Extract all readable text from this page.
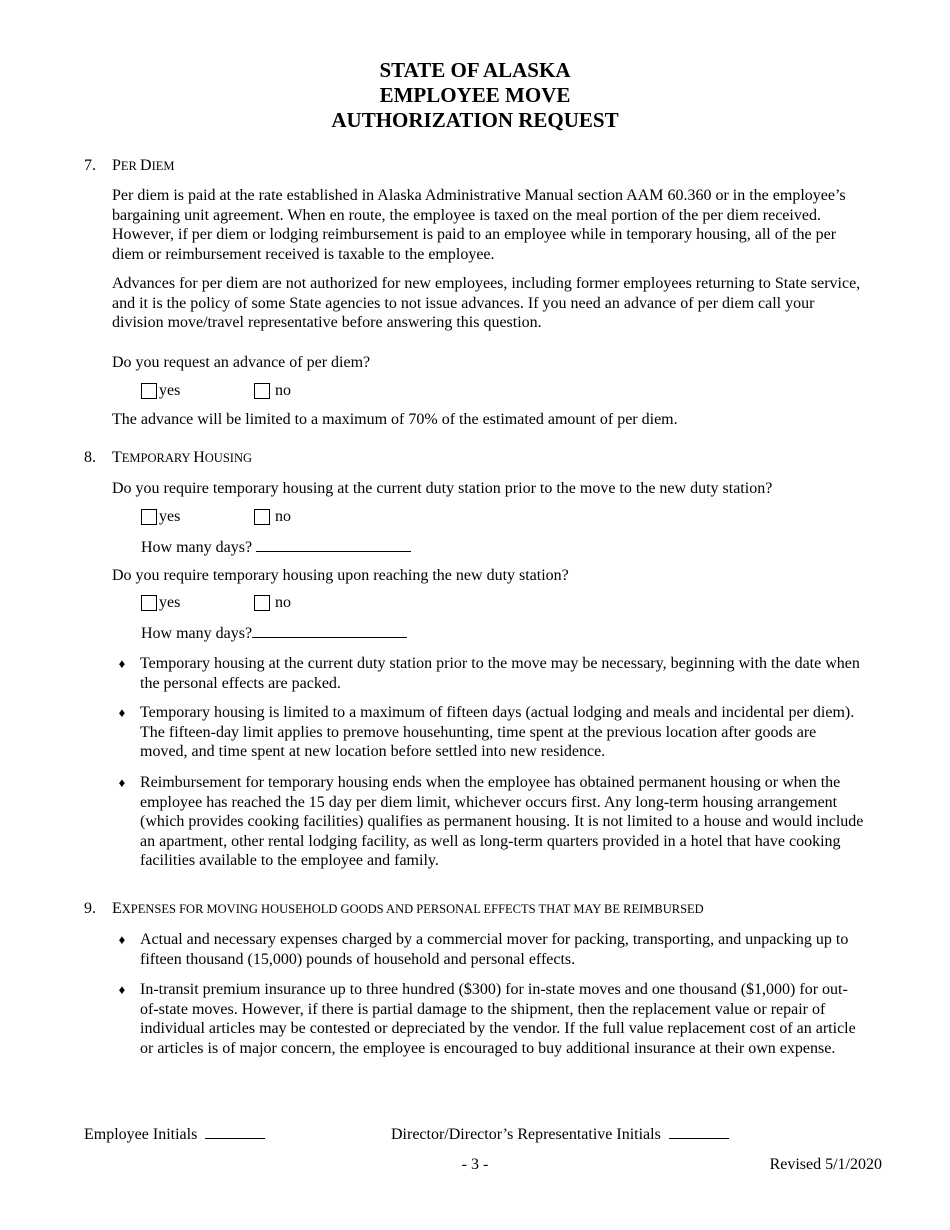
STATE OF ALASKA
EMPLOYEE MOVE
AUTHORIZATION REQUEST
7.	PER DIEM
Per diem is paid at the rate established in Alaska Administrative Manual section AAM 60.360 or in the employee’s bargaining unit agreement. When en route, the employee is taxed on the meal portion of the per diem received. However, if per diem or lodging reimbursement is paid to an employee while in temporary housing, all of the per diem or reimbursement received is taxable to the employee.
Advances for per diem are not authorized for new employees, including former employees returning to State service, and it is the policy of some State agencies to not issue advances. If you need an advance of per diem call your division move/travel representative before answering this question.
Do you request an advance of per diem?
yes	no
The advance will be limited to a maximum of 70% of the estimated amount of per diem.
8.	TEMPORARY HOUSING
Do you require temporary housing at the current duty station prior to the move to the new duty station?
yes	no
How many days?
Do you require temporary housing upon reaching the new duty station?
yes	no
How many days?
♦ Temporary housing at the current duty station prior to the move may be necessary, beginning with the date when the personal effects are packed.
♦ Temporary housing is limited to a maximum of fifteen days (actual lodging and meals and incidental per diem). The fifteen-day limit applies to premove househunting, time spent at the previous location after goods are moved, and time spent at new location before settled into new residence.
♦ Reimbursement for temporary housing ends when the employee has obtained permanent housing or when the employee has reached the 15 day per diem limit, whichever occurs first. Any long-term housing arrangement (which provides cooking facilities) qualifies as permanent housing. It is not limited to a house and would include an apartment, other rental lodging facility, as well as long-term quarters provided in a hotel that have cooking facilities available to the employee and family.
9.	EXPENSES FOR MOVING HOUSEHOLD GOODS AND PERSONAL EFFECTS THAT MAY BE REIMBURSED
♦ Actual and necessary expenses charged by a commercial mover for packing, transporting, and unpacking up to fifteen thousand (15,000) pounds of household and personal effects.
♦ In-transit premium insurance up to three hundred ($300) for in-state moves and one thousand ($1,000) for out-of-state moves. However, if there is partial damage to the shipment, then the replacement value or repair of individual articles may be contested or depreciated by the vendor. If the full value replacement cost of an article or articles is of major concern, the employee is encouraged to buy additional insurance at their own expense.
Employee Initials	Director/Director’s Representative Initials
- 3 -	Revised 5/1/2020
